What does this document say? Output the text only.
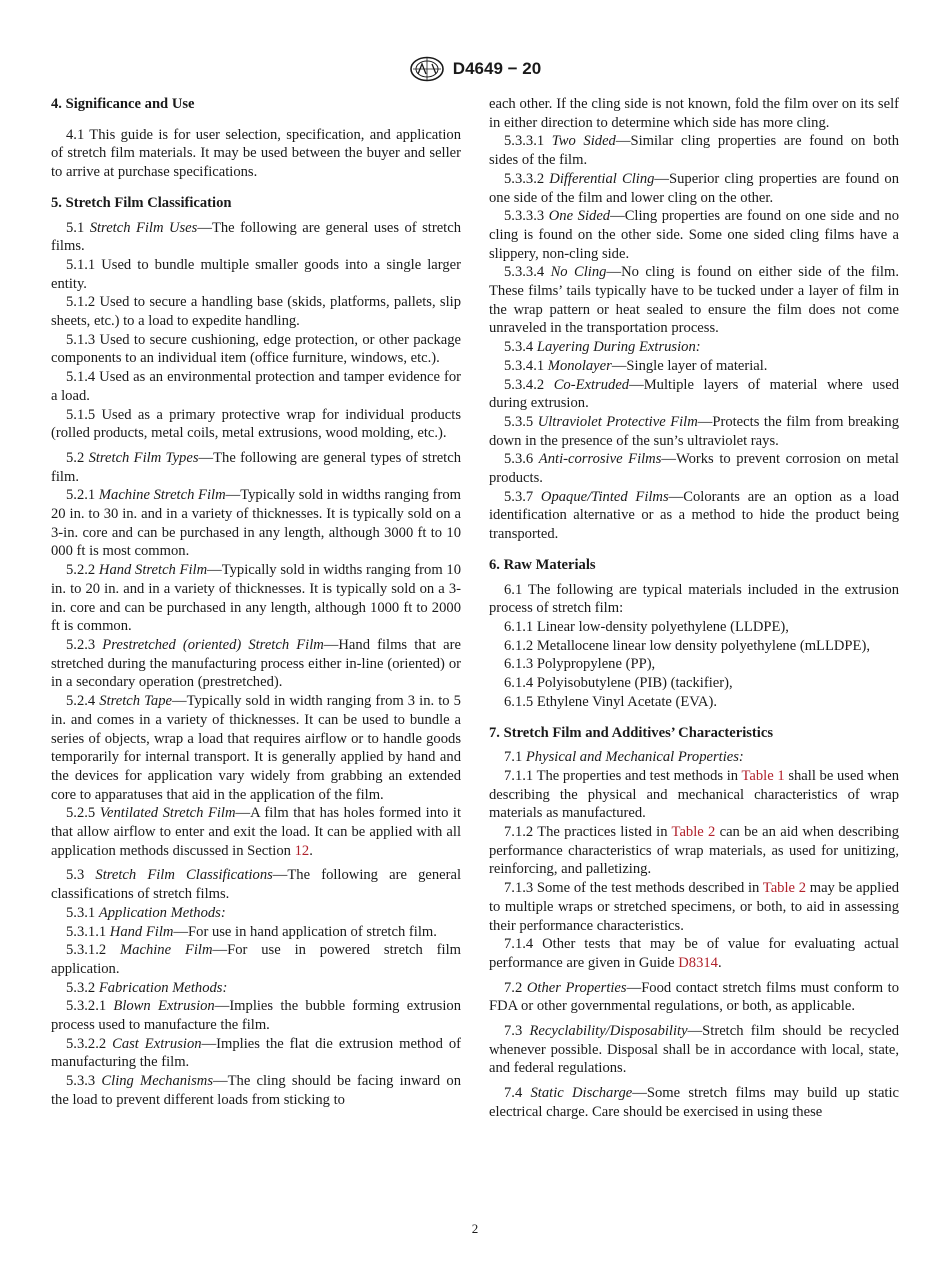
D4649 − 20

4. Significance and Use

4.1 This guide is for user selection, specification, and application of stretch film materials. It may be used between the buyer and seller to arrive at purchase specifications.

5. Stretch Film Classification

5.1 Stretch Film Uses—The following are general uses of stretch films.

5.1.1 Used to bundle multiple smaller goods into a single larger entity.

5.1.2 Used to secure a handling base (skids, platforms, pallets, slip sheets, etc.) to a load to expedite handling.

5.1.3 Used to secure cushioning, edge protection, or other package components to an individual item (office furniture, windows, etc.).

5.1.4 Used as an environmental protection and tamper evidence for a load.

5.1.5 Used as a primary protective wrap for individual products (rolled products, metal coils, metal extrusions, wood molding, etc.).

5.2 Stretch Film Types—The following are general types of stretch film.

5.2.1 Machine Stretch Film—Typically sold in widths ranging from 20 in. to 30 in. and in a variety of thicknesses. It is typically sold on a 3-in. core and can be purchased in any length, although 3000 ft to 10 000 ft is most common.

5.2.2 Hand Stretch Film—Typically sold in widths ranging from 10 in. to 20 in. and in a variety of thicknesses. It is typically sold on a 3-in. core and can be purchased in any length, although 1000 ft to 2000 ft is common.

5.2.3 Prestretched (oriented) Stretch Film—Hand films that are stretched during the manufacturing process either in-line (oriented) or in a secondary operation (prestretched).

5.2.4 Stretch Tape—Typically sold in width ranging from 3 in. to 5 in. and comes in a variety of thicknesses. It can be used to bundle a series of objects, wrap a load that requires airflow or to handle goods temporarily for internal transport. It is generally applied by hand and the devices for application vary widely from grabbing an extended core to apparatuses that aid in the application of the film.

5.2.5 Ventilated Stretch Film—A film that has holes formed into it that allow airflow to enter and exit the load. It can be applied with all application methods discussed in Section 12.

5.3 Stretch Film Classifications—The following are general classifications of stretch films.

5.3.1 Application Methods:

5.3.1.1 Hand Film—For use in hand application of stretch film.

5.3.1.2 Machine Film—For use in powered stretch film application.

5.3.2 Fabrication Methods:

5.3.2.1 Blown Extrusion—Implies the bubble forming extrusion process used to manufacture the film.

5.3.2.2 Cast Extrusion—Implies the flat die extrusion method of manufacturing the film.

5.3.3 Cling Mechanisms—The cling should be facing inward on the load to prevent different loads from sticking to

each other. If the cling side is not known, fold the film over on its self in either direction to determine which side has more cling.

5.3.3.1 Two Sided—Similar cling properties are found on both sides of the film.

5.3.3.2 Differential Cling—Superior cling properties are found on one side of the film and lower cling on the other.

5.3.3.3 One Sided—Cling properties are found on one side and no cling is found on the other side. Some one sided cling films have a slippery, non-cling side.

5.3.3.4 No Cling—No cling is found on either side of the film. These films’ tails typically have to be tucked under a layer of film in the wrap pattern or heat sealed to ensure the film does not come unraveled in the transportation process.

5.3.4 Layering During Extrusion:

5.3.4.1 Monolayer—Single layer of material.

5.3.4.2 Co-Extruded—Multiple layers of material where used during extrusion.

5.3.5 Ultraviolet Protective Film—Protects the film from breaking down in the presence of the sun’s ultraviolet rays.

5.3.6 Anti-corrosive Films—Works to prevent corrosion on metal products.

5.3.7 Opaque/Tinted Films—Colorants are an option as a load identification alternative or as a method to hide the product being transported.

6. Raw Materials

6.1 The following are typical materials included in the extrusion process of stretch film:

6.1.1 Linear low-density polyethylene (LLDPE),

6.1.2 Metallocene linear low density polyethylene (mLLDPE),

6.1.3 Polypropylene (PP),

6.1.4 Polyisobutylene (PIB) (tackifier),

6.1.5 Ethylene Vinyl Acetate (EVA).

7. Stretch Film and Additives’ Characteristics

7.1 Physical and Mechanical Properties:

7.1.1 The properties and test methods in Table 1 shall be used when describing the physical and mechanical characteristics of wrap materials as manufactured.

7.1.2 The practices listed in Table 2 can be an aid when describing performance characteristics of wrap materials, as used for unitizing, reinforcing, and palletizing.

7.1.3 Some of the test methods described in Table 2 may be applied to multiple wraps or stretched specimens, or both, to aid in assessing their performance characteristics.

7.1.4 Other tests that may be of value for evaluating actual performance are given in Guide D8314.

7.2 Other Properties—Food contact stretch films must conform to FDA or other governmental regulations, or both, as applicable.

7.3 Recyclability/Disposability—Stretch film should be recycled whenever possible. Disposal shall be in accordance with local, state, and federal regulations.

7.4 Static Discharge—Some stretch films may build up static electrical charge. Care should be exercised in using these

2
